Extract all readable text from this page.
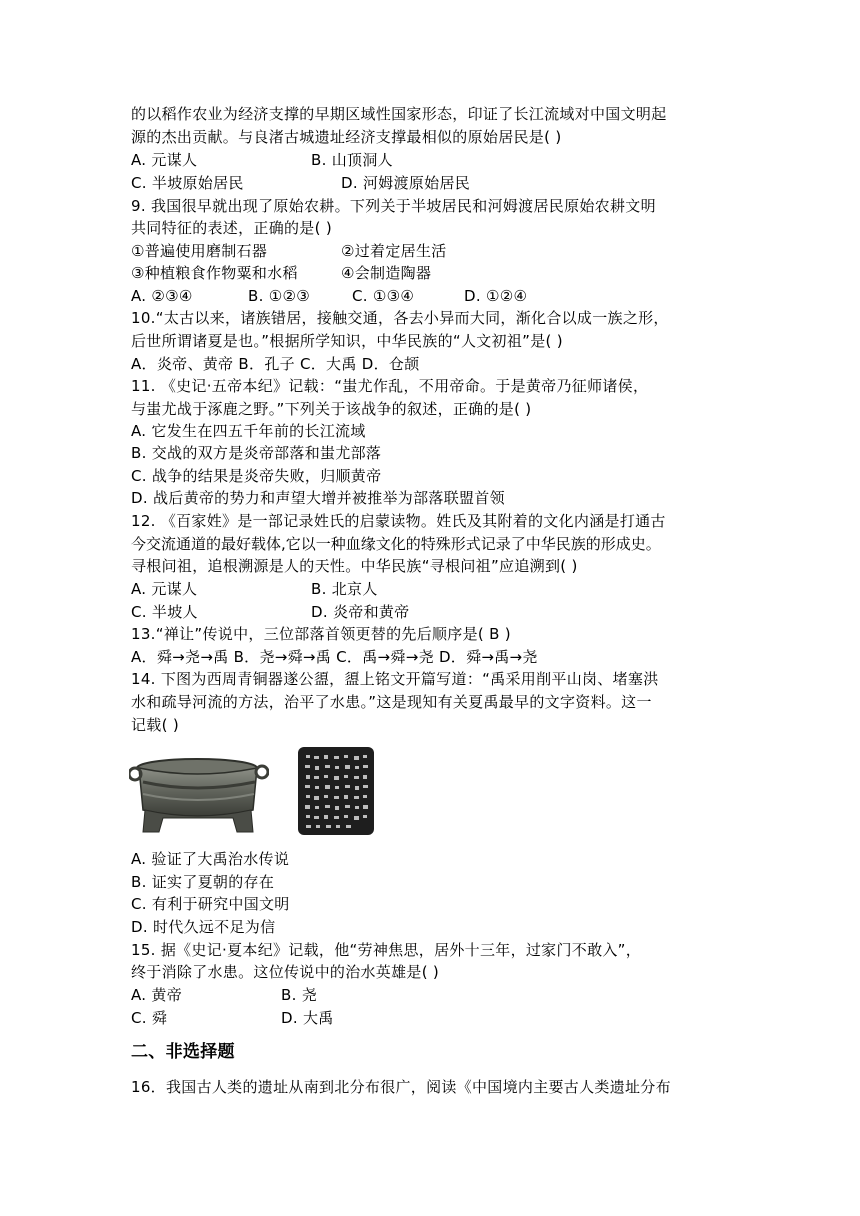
的以稻作农业为经济支撑的早期区域性国家形态，印证了长江流域对中国文明起
源的杰出贡献。与良渚古城遗址经济支撑最相似的原始居民是( )
A. 元谋人	B. 山顶洞人
C. 半坡原始居民	D. 河姆渡原始居民
9. 我国很早就出现了原始农耕。下列关于半坡居民和河姆渡居民原始农耕文明
共同特征的表述，正确的是( )
①普遍使用磨制石器	②过着定居生活
③种植粮食作物粟和水稻	④会制造陶器
A. ②③④	B. ①②③	C. ①③④	D. ①②④
10.“太古以来，诸族错居，接触交通，各去小异而大同，渐化合以成一族之形，
后世所谓诸夏是也。”根据所学知识，中华民族的“人文初祖”是( )
A．炎帝、黄帝 B．孔子 C．大禹 D．仓颉
11. 《史记·五帝本纪》记载：“蚩尤作乱，不用帝命。于是黄帝乃征师诸侯，
与蚩尤战于涿鹿之野。”下列关于该战争的叙述，正确的是( )
A. 它发生在四五千年前的长江流域
B. 交战的双方是炎帝部落和蚩尤部落
C. 战争的结果是炎帝失败，归顺黄帝
D. 战后黄帝的势力和声望大增并被推举为部落联盟首领
12. 《百家姓》是一部记录姓氏的启蒙读物。姓氏及其附着的文化内涵是打通古
今交流通道的最好载体,它以一种血缘文化的特殊形式记录了中华民族的形成史。
寻根问祖，追根溯源是人的天性。中华民族“寻根问祖”应追溯到( )
A. 元谋人	B. 北京人
C. 半坡人	D. 炎帝和黄帝
13.“禅让”传说中，三位部落首领更替的先后顺序是( B )
A．舜→尧→禹 B．尧→舜→禹 C．禹→舜→尧 D．舜→禹→尧
14. 下图为西周青铜器遂公盨，盨上铭文开篇写道：“禹采用削平山岗、堵塞洪
水和疏导河流的方法，治平了水患。”这是现知有关夏禹最早的文字资料。这一
记载( )
A. 验证了大禹治水传说
B. 证实了夏朝的存在
C. 有利于研究中国文明
D. 时代久远不足为信
15. 据《史记·夏本纪》记载，他“劳神焦思，居外十三年，过家门不敢入”，
终于消除了水患。这位传说中的治水英雄是( )
A. 黄帝	B. 尧
C. 舜	D. 大禹
二、非选择题
16．我国古人类的遗址从南到北分布很广，阅读《中国境内主要古人类遗址分布
